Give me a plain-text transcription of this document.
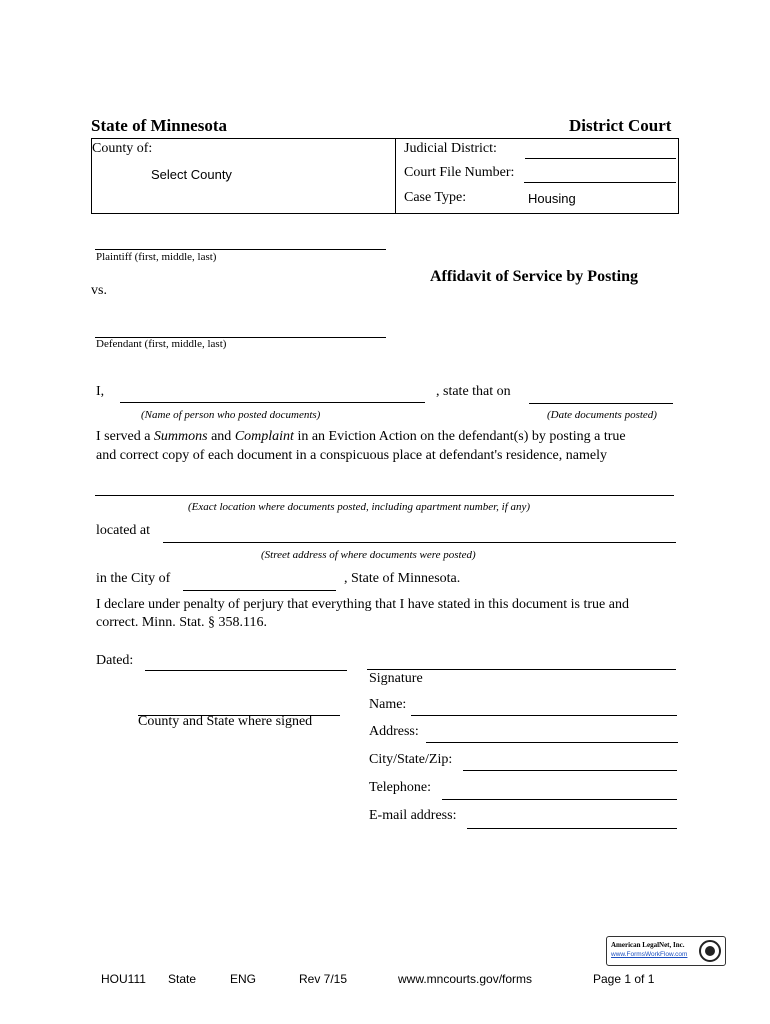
State of Minnesota	District Court
County of:
Select County
Judicial District:
Court File Number:
Case Type:	Housing
Plaintiff (first, middle, last)
vs.
Defendant (first, middle, last)
Affidavit of Service by Posting
I,	, state that on
(Name of person who posted documents)	(Date documents posted)
I served a Summons and Complaint in an Eviction Action on the defendant(s) by posting a true
and correct copy of each document in a conspicuous place at defendant's residence, namely
(Exact location where documents posted, including apartment number, if any)
located at
(Street address of where documents were posted)
in the City of	, State of Minnesota.
I declare under penalty of perjury that everything that I have stated in this document is true and
correct. Minn. Stat. § 358.116.
Dated:
County and State where signed
Signature
Name:
Address:
City/State/Zip:
Telephone:
E-mail address:
American LegalNet, Inc.
www.FormsWorkFlow.com
HOU111 State	ENG	Rev 7/15	www.mncourts.gov/forms	Page 1 of 1
